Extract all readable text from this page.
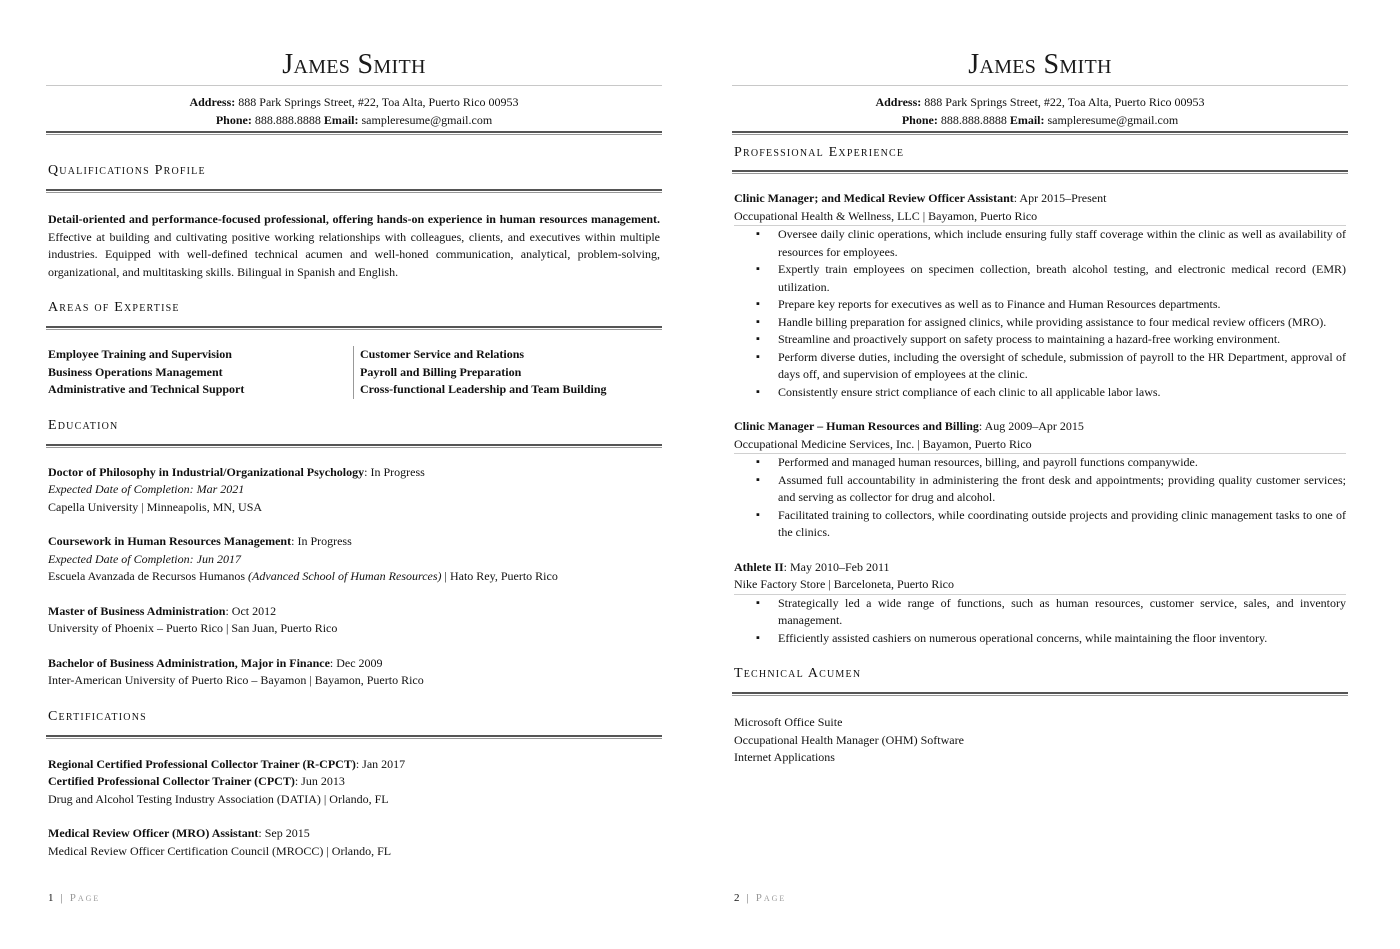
James Smith
Address: 888 Park Springs Street, #22, Toa Alta, Puerto Rico 00953
Phone: 888.888.8888 Email: sampleresume@gmail.com
Qualifications Profile
Detail-oriented and performance-focused professional, offering hands-on experience in human resources management. Effective at building and cultivating positive working relationships with colleagues, clients, and executives within multiple industries. Equipped with well-defined technical acumen and well-honed communication, analytical, problem-solving, organizational, and multitasking skills. Bilingual in Spanish and English.
Areas of Expertise
Employee Training and Supervision
Business Operations Management
Administrative and Technical Support
Customer Service and Relations
Payroll and Billing Preparation
Cross-functional Leadership and Team Building
Education
Doctor of Philosophy in Industrial/Organizational Psychology: In Progress
Expected Date of Completion: Mar 2021
Capella University | Minneapolis, MN, USA
Coursework in Human Resources Management: In Progress
Expected Date of Completion: Jun 2017
Escuela Avanzada de Recursos Humanos (Advanced School of Human Resources) | Hato Rey, Puerto Rico
Master of Business Administration: Oct 2012
University of Phoenix – Puerto Rico | San Juan, Puerto Rico
Bachelor of Business Administration, Major in Finance: Dec 2009
Inter-American University of Puerto Rico – Bayamon | Bayamon, Puerto Rico
Certifications
Regional Certified Professional Collector Trainer (R-CPCT): Jan 2017
Certified Professional Collector Trainer (CPCT): Jun 2013
Drug and Alcohol Testing Industry Association (DATIA) | Orlando, FL
Medical Review Officer (MRO) Assistant: Sep 2015
Medical Review Officer Certification Council (MROCC) | Orlando, FL
1 | Page
James Smith
Address: 888 Park Springs Street, #22, Toa Alta, Puerto Rico 00953
Phone: 888.888.8888 Email: sampleresume@gmail.com
Professional Experience
Clinic Manager; and Medical Review Officer Assistant: Apr 2015–Present
Occupational Health & Wellness, LLC | Bayamon, Puerto Rico
▪ Oversee daily clinic operations, which include ensuring fully staff coverage within the clinic as well as availability of resources for employees.
▪ Expertly train employees on specimen collection, breath alcohol testing, and electronic medical record (EMR) utilization.
▪ Prepare key reports for executives as well as to Finance and Human Resources departments.
▪ Handle billing preparation for assigned clinics, while providing assistance to four medical review officers (MRO).
▪ Streamline and proactively support on safety process to maintaining a hazard-free working environment.
▪ Perform diverse duties, including the oversight of schedule, submission of payroll to the HR Department, approval of days off, and supervision of employees at the clinic.
▪ Consistently ensure strict compliance of each clinic to all applicable labor laws.
Clinic Manager – Human Resources and Billing: Aug 2009–Apr 2015
Occupational Medicine Services, Inc. | Bayamon, Puerto Rico
▪ Performed and managed human resources, billing, and payroll functions companywide.
▪ Assumed full accountability in administering the front desk and appointments; providing quality customer services; and serving as collector for drug and alcohol.
▪ Facilitated training to collectors, while coordinating outside projects and providing clinic management tasks to one of the clinics.
Athlete II: May 2010–Feb 2011
Nike Factory Store | Barceloneta, Puerto Rico
▪ Strategically led a wide range of functions, such as human resources, customer service, sales, and inventory management.
▪ Efficiently assisted cashiers on numerous operational concerns, while maintaining the floor inventory.
Technical Acumen
Microsoft Office Suite
Occupational Health Manager (OHM) Software
Internet Applications
2 | Page
